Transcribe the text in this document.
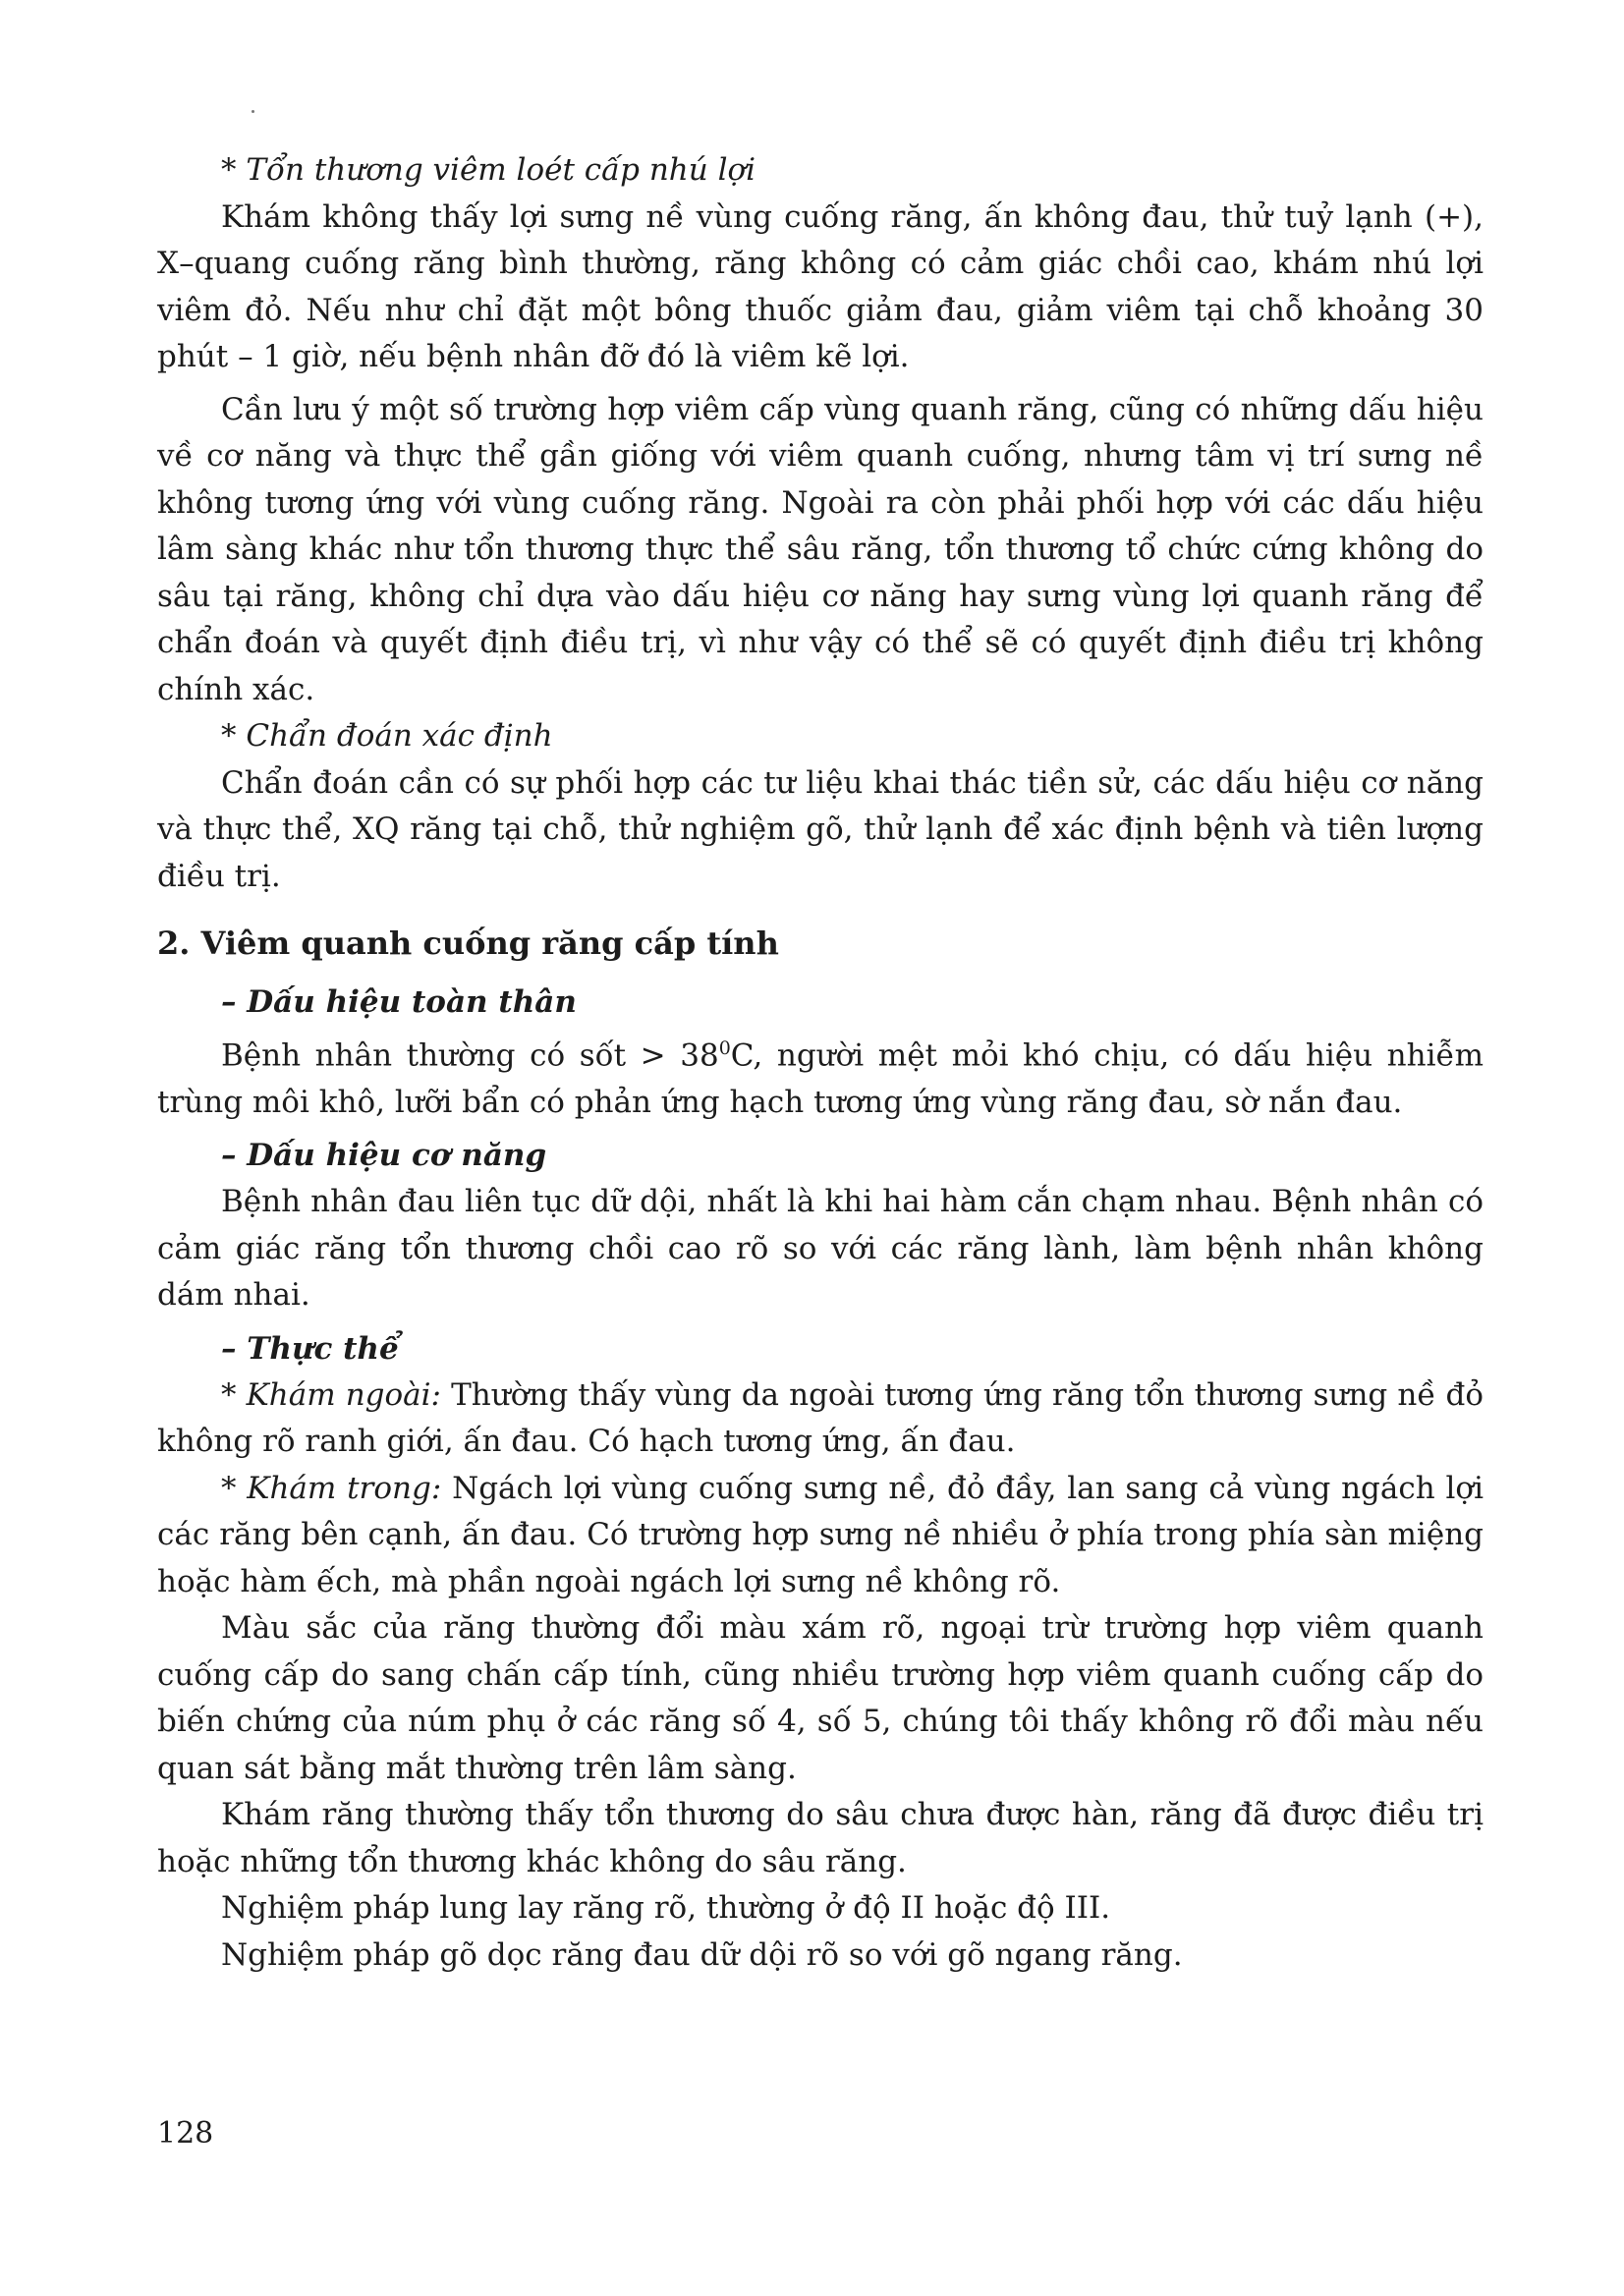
* Tổn thương viêm loét cấp nhú lợi

Khám không thấy lợi sưng nề vùng cuống răng, ấn không đau, thử tuỷ lạnh (+), X–quang cuống răng bình thường, răng không có cảm giác chồi cao, khám nhú lợi viêm đỏ. Nếu như chỉ đặt một bông thuốc giảm đau, giảm viêm tại chỗ khoảng 30 phút – 1 giờ, nếu bệnh nhân đỡ đó là viêm kẽ lợi.

Cần lưu ý một số trường hợp viêm cấp vùng quanh răng, cũng có những dấu hiệu về cơ năng và thực thể gần giống với viêm quanh cuống, nhưng tâm vị trí sưng nề không tương ứng với vùng cuống răng. Ngoài ra còn phải phối hợp với các dấu hiệu lâm sàng khác như tổn thương thực thể sâu răng, tổn thương tổ chức cứng không do sâu tại răng, không chỉ dựa vào dấu hiệu cơ năng hay sưng vùng lợi quanh răng để chẩn đoán và quyết định điều trị, vì như vậy có thể sẽ có quyết định điều trị không chính xác.

* Chẩn đoán xác định

Chẩn đoán cần có sự phối hợp các tư liệu khai thác tiền sử, các dấu hiệu cơ năng và thực thể, XQ răng tại chỗ, thử nghiệm gõ, thử lạnh để xác định bệnh và tiên lượng điều trị.

2. Viêm quanh cuống răng cấp tính
– Dấu hiệu toàn thân

Bệnh nhân thường có sốt > $38^0C$, người mệt mỏi khó chịu, có dấu hiệu nhiễm trùng môi khô, lưỡi bẩn có phản ứng hạch tương ứng vùng răng đau, sờ nắn đau.

– Dấu hiệu cơ năng

Bệnh nhân đau liên tục dữ dội, nhất là khi hai hàm cắn chạm nhau. Bệnh nhân có cảm giác răng tổn thương chồi cao rõ so với các răng lành, làm bệnh nhân không dám nhai.

– Thực thể

* Khám ngoài: Thường thấy vùng da ngoài tương ứng răng tổn thương sưng nề đỏ không rõ ranh giới, ấn đau. Có hạch tương ứng, ấn đau.

* Khám trong: Ngách lợi vùng cuống sưng nề, đỏ đầy, lan sang cả vùng ngách lợi các răng bên cạnh, ấn đau. Có trường hợp sưng nề nhiều ở phía trong phía sàn miệng hoặc hàm ếch, mà phần ngoài ngách lợi sưng nề không rõ.

Màu sắc của răng thường đổi màu xám rõ, ngoại trừ trường hợp viêm quanh cuống cấp do sang chấn cấp tính, cũng nhiều trường hợp viêm quanh cuống cấp do biến chứng của núm phụ ở các răng số 4, số 5, chúng tôi thấy không rõ đổi màu nếu quan sát bằng mắt thường trên lâm sàng.

Khám răng thường thấy tổn thương do sâu chưa được hàn, răng đã được điều trị hoặc những tổn thương khác không do sâu răng.

Nghiệm pháp lung lay răng rõ, thường ở độ II hoặc độ III.

Nghiệm pháp gõ dọc răng đau dữ dội rõ so với gõ ngang răng.

128
